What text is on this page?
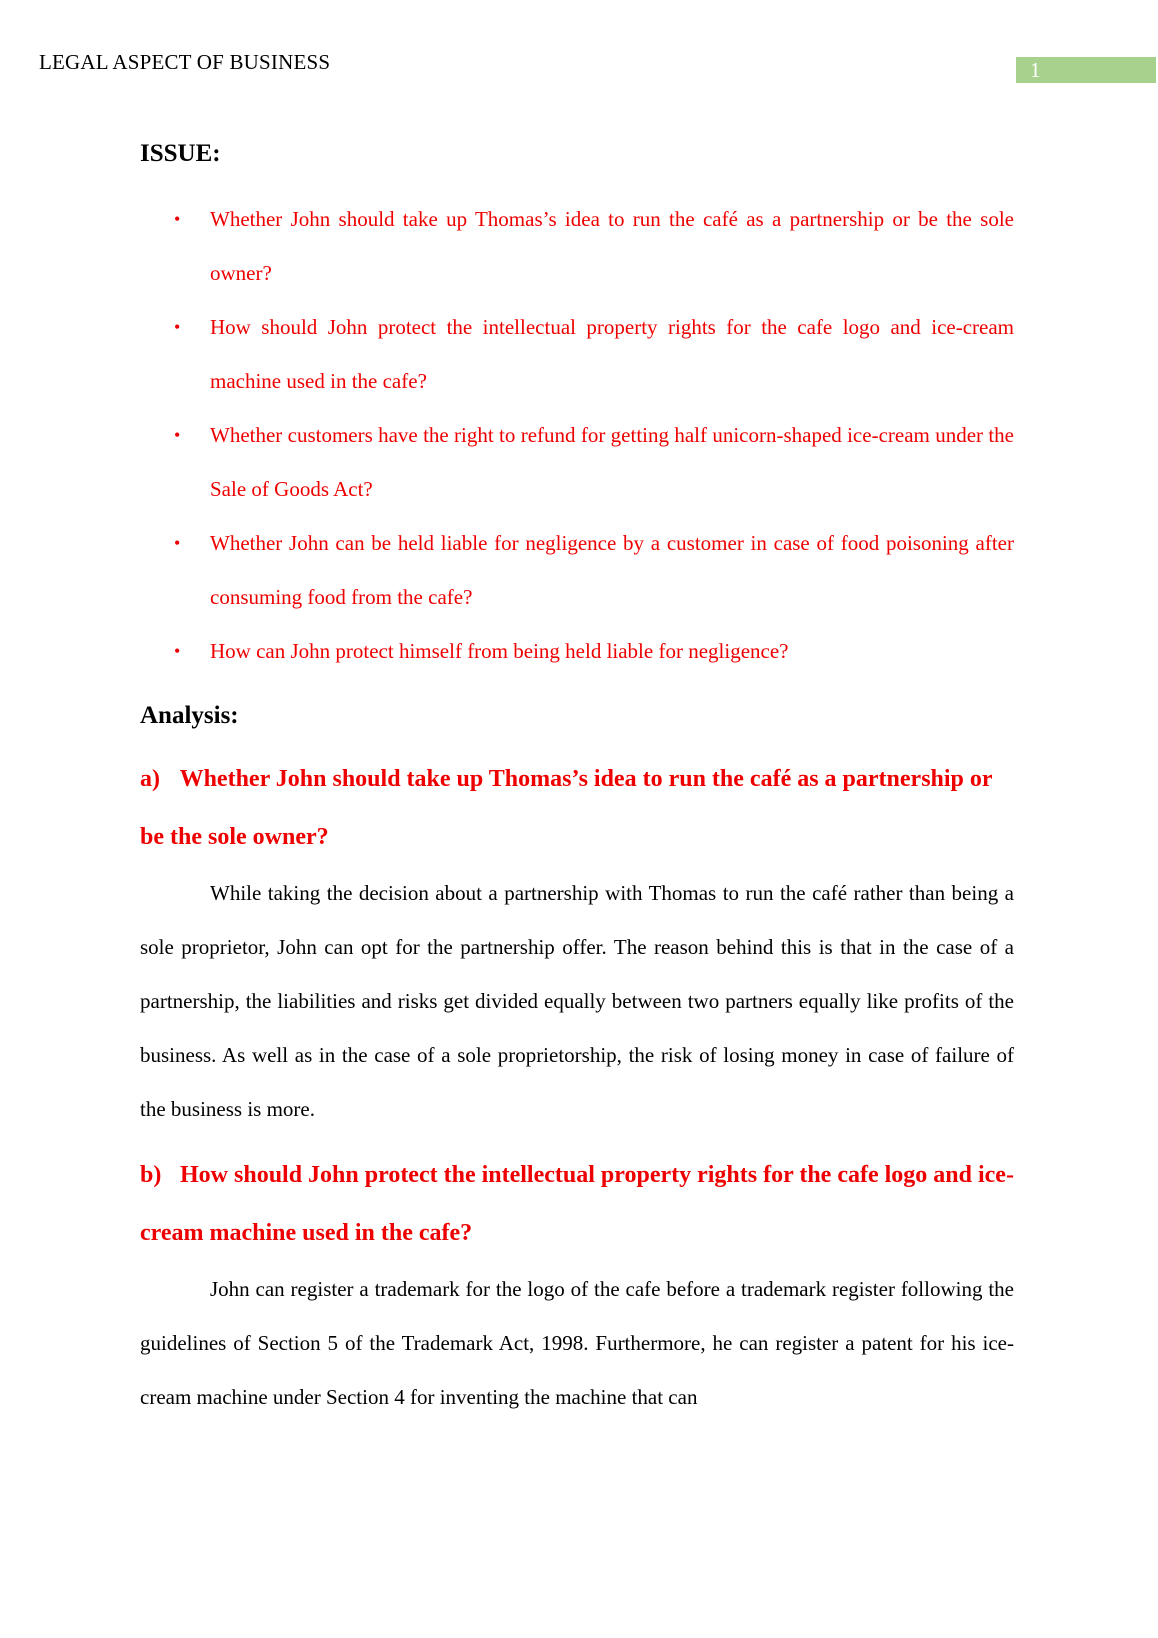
LEGAL ASPECT OF BUSINESS	1
ISSUE:
• Whether John should take up Thomas’s idea to run the café as a partnership or be the sole owner?
• How should John protect the intellectual property rights for the cafe logo and ice-cream machine used in the cafe?
• Whether customers have the right to refund for getting half unicorn-shaped ice-cream under the Sale of Goods Act?
• Whether John can be held liable for negligence by a customer in case of food poisoning after consuming food from the cafe?
• How can John protect himself from being held liable for negligence?
Analysis:
a) Whether John should take up Thomas’s idea to run the café as a partnership or be the sole owner?

While taking the decision about a partnership with Thomas to run the café rather than being a sole proprietor, John can opt for the partnership offer. The reason behind this is that in the case of a partnership, the liabilities and risks get divided equally between two partners equally like profits of the business. As well as in the case of a sole proprietorship, the risk of losing money in case of failure of the business is more.

b) How should John protect the intellectual property rights for the cafe logo and ice- cream machine used in the cafe?

John can register a trademark for the logo of the cafe before a trademark register following the guidelines of Section 5 of the Trademark Act, 1998. Furthermore, he can register a patent for his ice-cream machine under Section 4 for inventing the machine that can
